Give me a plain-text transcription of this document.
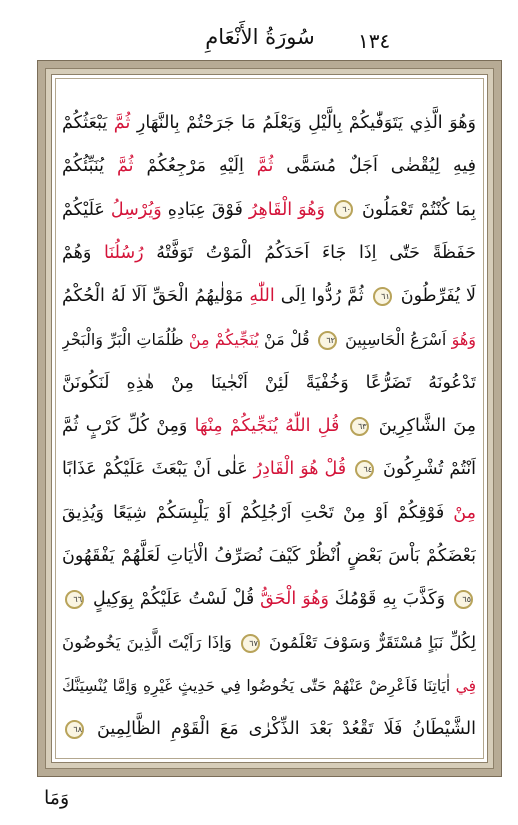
١٣٤
سُورَةُ الأَنْعَامِ
وَهُوَ الَّذِي يَتَوَفّٰيكُمْ بِالَّيْلِ وَيَعْلَمُ مَا جَرَحْتُمْ بِالنَّهَارِ ثُمَّ يَبْعَثُكُمْ
فِيهِ لِيُقْضٰى اَجَلٌ مُسَمًّى ثُمَّ اِلَيْهِ مَرْجِعُكُمْ ثُمَّ يُنَبِّئُكُمْ
بِمَا كُنْتُمْ تَعْمَلُونَ ٦٠ وَهُوَ الْقَاهِرُ فَوْقَ عِبَادِهِ وَيُرْسِلُ عَلَيْكُمْ
حَفَظَةً حَتّٰى اِذَا جَاءَ اَحَدَكُمُ الْمَوْتُ تَوَفَّتْهُ رُسُلُنَا وَهُمْ
لَا يُفَرِّطُونَ ٦١ ثُمَّ رُدُّوا اِلَى اللّٰهِ مَوْلٰيهُمُ الْحَقِّ اَلَا لَهُ الْحُكْمُ
وَهُوَ اَسْرَعُ الْحَاسِبِينَ ٦٢ قُلْ مَنْ يُنَجِّيكُمْ مِنْ ظُلُمَاتِ الْبَرِّ وَالْبَحْرِ
تَدْعُونَهُ تَضَرُّعًا وَخُفْيَةً لَئِنْ اَنْجٰينَا مِنْ هٰذِهِ لَنَكُونَنَّ
مِنَ الشَّاكِرِينَ ٦٣ قُلِ اللّٰهُ يُنَجِّيكُمْ مِنْهَا وَمِنْ كُلِّ كَرْبٍ ثُمَّ
اَنْتُمْ تُشْرِكُونَ ٦٤ قُلْ هُوَ الْقَادِرُ عَلٰى اَنْ يَبْعَثَ عَلَيْكُمْ عَذَابًا
مِنْ فَوْقِكُمْ اَوْ مِنْ تَحْتِ اَرْجُلِكُمْ اَوْ يَلْبِسَكُمْ شِيَعًا وَيُذِيقَ
بَعْضَكُمْ بَاْسَ بَعْضٍ اُنْظُرْ كَيْفَ نُصَرِّفُ الْاٰيَاتِ لَعَلَّهُمْ يَفْقَهُونَ
٦٥ وَكَذَّبَ بِهِ قَوْمُكَ وَهُوَ الْحَقُّ قُلْ لَسْتُ عَلَيْكُمْ بِوَكِيلٍ ٦٦
لِكُلِّ نَبَاٍ مُسْتَقَرٌّ وَسَوْفَ تَعْلَمُونَ ٦٧ وَاِذَا رَاَيْتَ الَّذِينَ يَخُوضُونَ
فِي اٰيَاتِنَا فَاَعْرِضْ عَنْهُمْ حَتّٰى يَخُوضُوا فِي حَدِيثٍ غَيْرِهِ وَاِمَّا يُنْسِيَنَّكَ
الشَّيْطَانُ فَلَا تَقْعُدْ بَعْدَ الذِّكْرٰى مَعَ الْقَوْمِ الظَّالِمِينَ ٦٨
وَمَا
